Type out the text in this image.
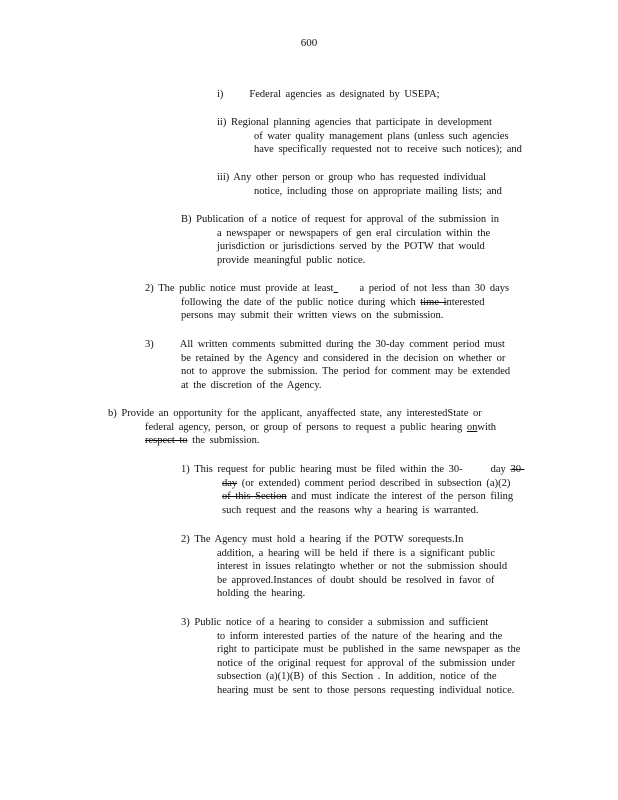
600
i) Federal agencies as designated by USEPA;
ii) Regional planning agencies that participate in development
of water quality management plans (unless such agencies
have specifically requested not to receive such notices); and
iii) Any other person or group who has requested individual
notice, including those on appropriate mailing lists; and
B) Publication of a notice of request for approval of the submission in
a newspaper or newspapers of gen eral circulation within the
jurisdiction or jurisdictions served by the POTW that would
provide meaningful public notice.
2) The public notice must provide at least a period of not less than 30 days
following the date of the public notice during which time interested
persons may submit their written views on the submission.
3) All written comments submitted during the 30-day comment period must
be retained by the Agency and considered in the decision on whether or
not to approve the submission. The period for comment may be extended
at the discretion of the Agency.
b) Provide an opportunity for the applicant, anyaffected state, any interestedState or
federal agency, person, or group of persons to request a public hearing onwith
respect to the submission.
1) This request for public hearing must be filed within the 30-	day 30-
day (or extended) comment period described in subsection (a)(2)
of this Section and must indicate the interest of the person filing
such request and the reasons why a hearing is warranted.
2) The Agency must hold a hearing if the POTW sorequests.In
addition, a hearing will be held if there is a significant public
interest in issues relatingto whether or not the submission should
be approved.Instances of doubt should be resolved in favor of
holding the hearing.
3) Public notice of a hearing to consider a submission and sufficient
to inform interested parties of the nature of the hearing and the
right to participate must be published in the same newspaper as the
notice of the original request for approval of the submission under
subsection (a)(1)(B) of this Section . In addition, notice of the
hearing must be sent to those persons requesting individual notice.
